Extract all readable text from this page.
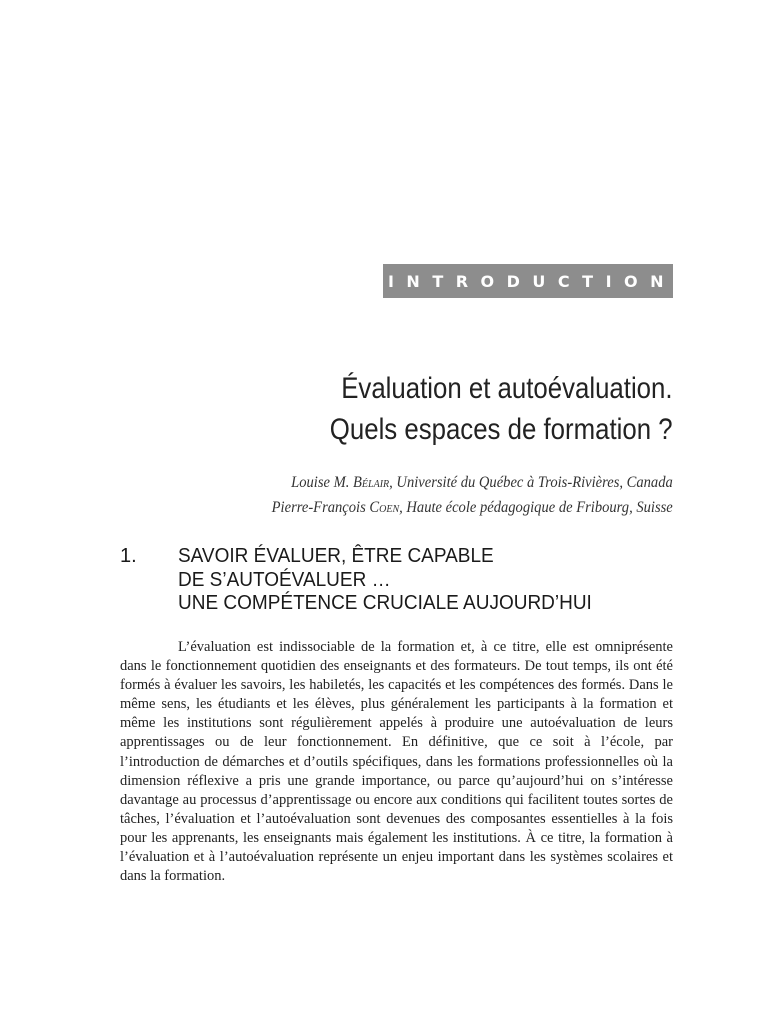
INTRODUCTION
Évaluation et autoévaluation.
Quels espaces de formation ?
Louise M. Bélair, Université du Québec à Trois-Rivières, Canada
Pierre-François Coen, Haute école pédagogique de Fribourg, Suisse
1. SAVOIR ÉVALUER, ÊTRE CAPABLE
DE S’AUTOÉVALUER …
UNE COMPÉTENCE CRUCIALE AUJOURD’HUI

L’évaluation est indissociable de la formation et, à ce titre, elle est omniprésente dans le fonctionnement quotidien des enseignants et des formateurs. De tout temps, ils ont été formés à évaluer les savoirs, les habiletés, les capacités et les compétences des formés. Dans le même sens, les étudiants et les élèves, plus généralement les participants à la formation et même les institutions sont régulièrement appelés à produire une autoévaluation de leurs apprentissages ou de leur fonctionnement. En définitive, que ce soit à l’école, par l’introduction de démarches et d’outils spécifiques, dans les formations professionnelles où la dimension réflexive a pris une grande importance, ou parce qu’aujourd’hui on s’intéresse davantage au processus d’apprentissage ou encore aux conditions qui facilitent toutes sortes de tâches, l’évaluation et l’autoévaluation sont devenues des composantes essentielles à la fois pour les apprenants, les enseignants mais également les institutions. À ce titre, la formation à l’évaluation et à l’autoévaluation représente un enjeu important dans les systèmes scolaires et dans la formation.
